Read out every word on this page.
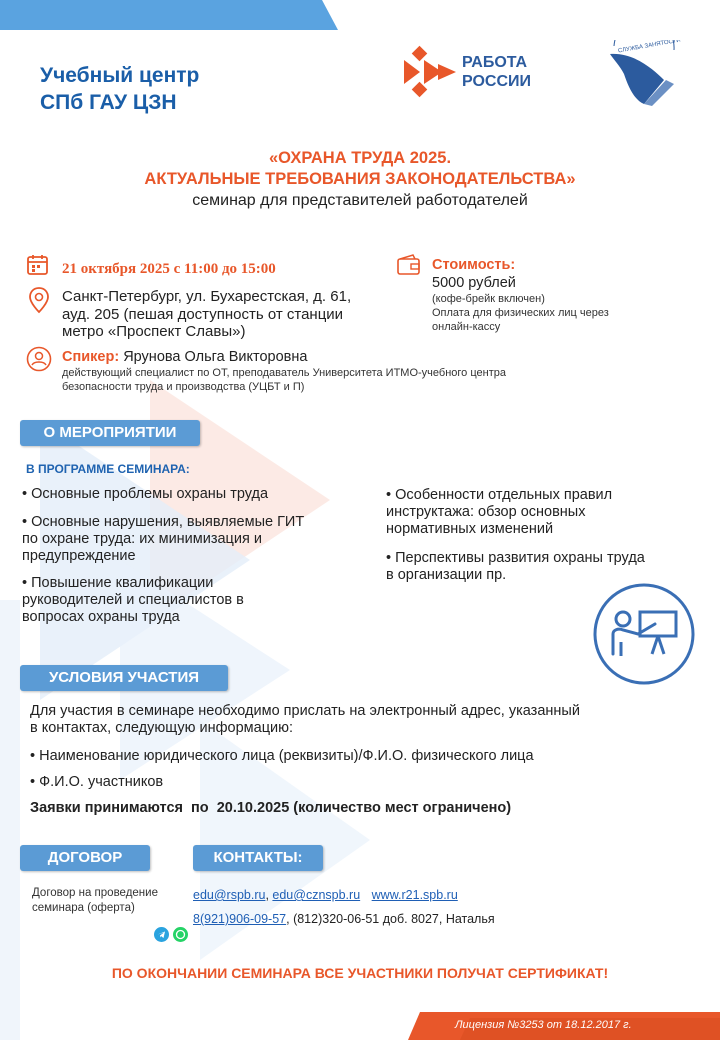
Учебный центр
СПб ГАУ ЦЗН
РАБОТА
РОССИИ
СЛУЖБА ЗАНЯТОСТИ
«ОХРАНА ТРУДА 2025.
АКТУАЛЬНЫЕ ТРЕБОВАНИЯ ЗАКОНОДАТЕЛЬСТВА»
семинар для представителей работодателей
21 октября 2025 с 11:00 до 15:00
Санкт-Петербург, ул. Бухарестская, д. 61, ауд. 205 (пешая доступность от станции метро «Проспект Славы»)
Спикер: Ярунова Ольга Викторовна
действующий специалист по ОТ, преподаватель Университета ИТМО-учебного центра безопасности труда и производства (УЦБТ и П)
Стоимость:
5000 рублей
(кофе-брейк включен)
Оплата для физических лиц через онлайн-кассу
О МЕРОПРИЯТИИ
В ПРОГРАММЕ СЕМИНАРА:
• Основные проблемы охраны труда
• Основные нарушения, выявляемые ГИТ по охране труда: их минимизация и предупреждение
• Повышение квалификации руководителей и специалистов в вопросах охраны труда
• Особенности отдельных правил инструктажа: обзор основных нормативных изменений
• Перспективы развития охраны труда в организации пр.
УСЛОВИЯ УЧАСТИЯ
Для участия в семинаре необходимо прислать на электронный адрес, указанный в контактах, следующую информацию:
• Наименование юридического лица (реквизиты)/Ф.И.О. физического лица
• Ф.И.О. участников
Заявки принимаются  по  20.10.2025 (количество мест ограничено)
ДОГОВОР
Договор на проведение семинара (оферта)
КОНТАКТЫ:
edu@rspb.ru, edu@cznspb.ru www.r21.spb.ru
8(921)906-09-57, (812)320-06-51 доб. 8027, Наталья
ПО ОКОНЧАНИИ СЕМИНАРА ВСЕ УЧАСТНИКИ ПОЛУЧАТ СЕРТИФИКАТ!
Лицензия №3253 от 18.12.2017 г.
